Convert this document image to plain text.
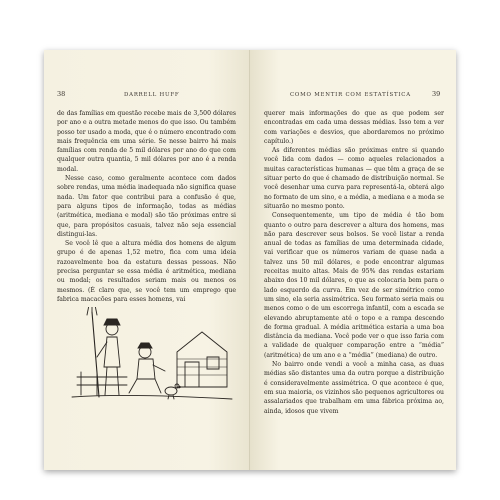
38	DARRELL HUFF

de das famílias em questão recebe mais de 3,500 dólares por ano e a outra metade menos do que isso. Ou também posso ter usado a moda, que é o número encontrado com mais frequência em uma série. Se nesse bairro há mais famílias com renda de 5 mil dólares por ano do que com qualquer outra quantia, 5 mil dólares por ano é a renda modal.

Nesse caso, como geralmente acontece com dados sobre rendas, uma média inadequada não significa quase nada. Um fator que contribui para a confusão é que, para alguns tipos de informação, todas as médias (aritmética, mediana e modal) são tão próximas entre si que, para propósitos casuais, talvez não seja essencial distingui-las.

Se você lê que a altura média dos homens de algum grupo é de apenas 1,52 metro, fica com uma ideia razoavelmente boa da estatura dessas pessoas. Não precisa perguntar se essa média é aritmética, mediana ou modal; os resultados seriam mais ou menos os mesmos. (É claro que, se você tem um emprego que fabrica macacões para esses homens, vai

COMO MENTIR COM ESTATÍSTICA	39

querer mais informações do que as que podem ser encontradas em cada uma dessas médias. Isso tem a ver com variações e desvios, que abordaremos no próximo capítulo.)

As diferentes médias são próximas entre si quando você lida com dados — como aqueles relacionados a muitas características humanas — que têm a graça de se situar perto do que é chamado de distribuição normal. Se você desenhar uma curva para representá-la, obterá algo no formato de um sino, e a média, a mediana e a moda se situarão no mesmo ponto.

Consequentemente, um tipo de média é tão bom quanto o outro para descrever a altura dos homens, mas não para descrever seus bolsos. Se você listar a renda anual de todas as famílias de uma determinada cidade, vai verificar que os números variam de quase nada a talvez uns 50 mil dólares, e pode encontrar algumas receitas muito altas. Mais de 95% das rendas estariam abaixo dos 10 mil dólares, o que as colocaria bem para o lado esquerdo da curva. Em vez de ser simétrico como um sino, ela seria assimétrica. Seu formato seria mais ou menos como o de um escorrega infantil, com a escada se elevando abruptamente até o topo e a rampa descendo de forma gradual. A média aritmética estaria a uma boa distância da mediana. Você pode ver o que isso faria com a validade de qualquer comparação entre a “média” (aritmética) de um ano e a “média” (mediana) de outro.

No bairro onde vendi a você a minha casa, as duas médias são distantes uma da outra porque a distribuição é consideravelmente assimétrica. O que acontece é que, em sua maioria, os vizinhos são pequenos agricultores ou assalariados que trabalham em uma fábrica próxima ao, ainda, idosos que vivem
